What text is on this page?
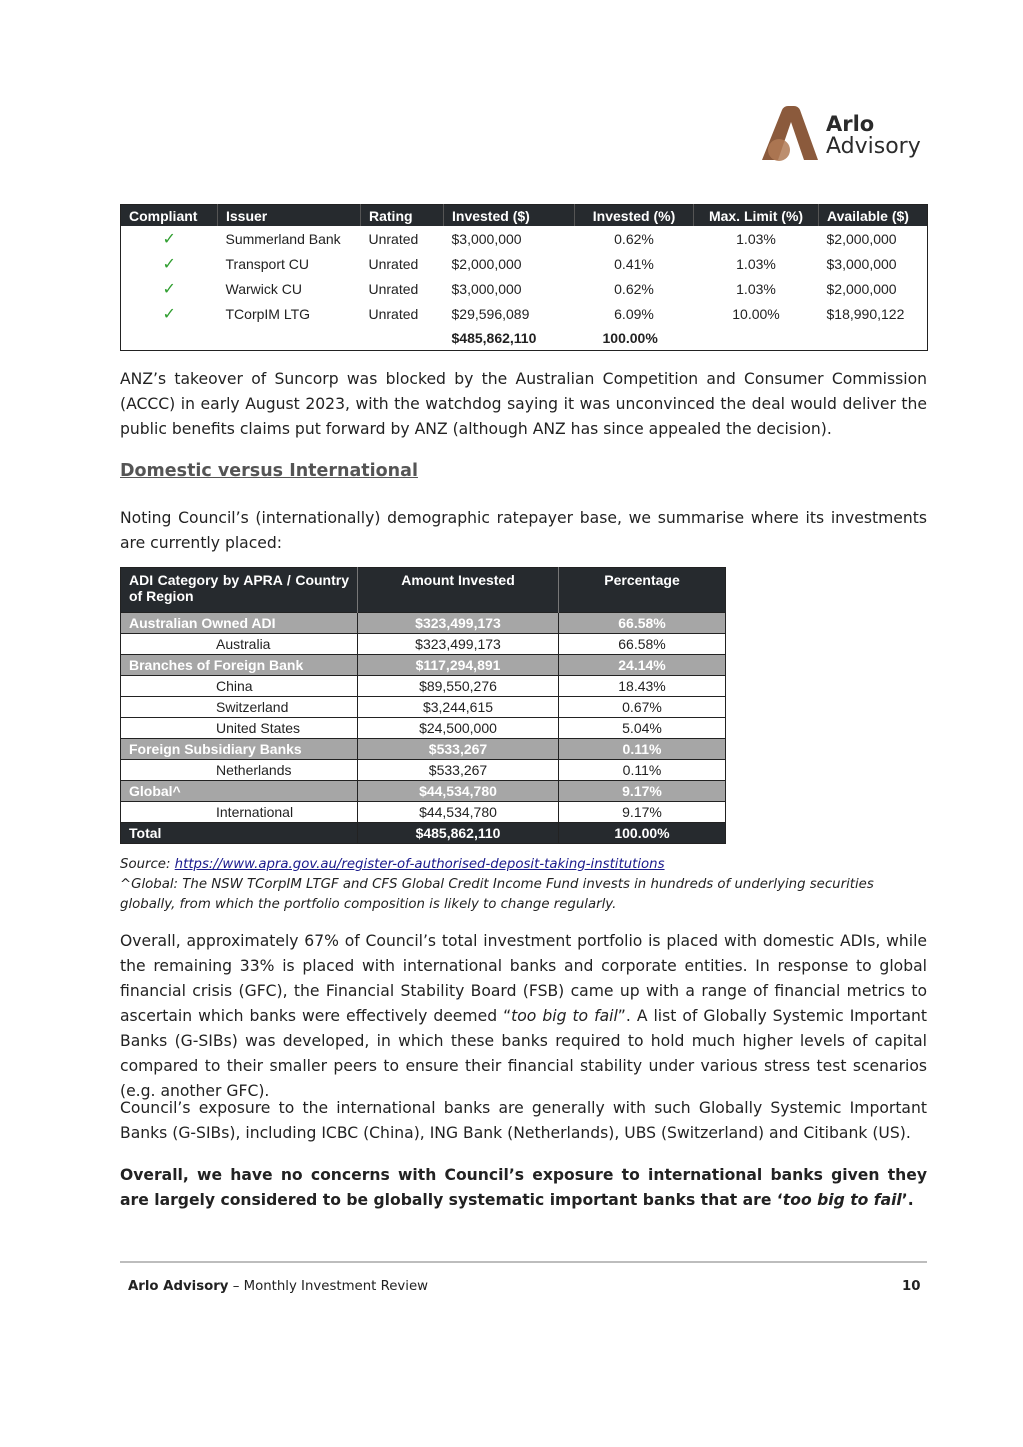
Arlo
Advisory
Compliant	Issuer	Rating	Invested ($)	Invested (%)	Max. Limit (%)	Available ($)
✓	Summerland Bank	Unrated	$3,000,000	0.62%	1.03%	$2,000,000
✓	Transport CU	Unrated	$2,000,000	0.41%	1.03%	$3,000,000
✓	Warwick CU	Unrated	$3,000,000	0.62%	1.03%	$2,000,000
✓	TCorpIM LTG	Unrated	$29,596,089	6.09%	10.00%	$18,990,122
			$485,862,110	100.00%		
ANZ’s takeover of Suncorp was blocked by the Australian Competition and Consumer Commission (ACCC) in early August 2023, with the watchdog saying it was unconvinced the deal would deliver the public benefits claims put forward by ANZ (although ANZ has since appealed the decision).
Domestic versus International
Noting Council’s (internationally) demographic ratepayer base, we summarise where its investments are currently placed:
ADI Category by APRA / Country of Region	Amount Invested	Percentage
Australian Owned ADI	$323,499,173	66.58%
Australia	$323,499,173	66.58%
Branches of Foreign Bank	$117,294,891	24.14%
China	$89,550,276	18.43%
Switzerland	$3,244,615	0.67%
United States	$24,500,000	5.04%
Foreign Subsidiary Banks	$533,267	0.11%
Netherlands	$533,267	0.11%
Global^	$44,534,780	9.17%
International	$44,534,780	9.17%
Total	$485,862,110	100.00%
Source: https://www.apra.gov.au/register-of-authorised-deposit-taking-institutions
^Global: The NSW TCorpIM LTGF and CFS Global Credit Income Fund invests in hundreds of underlying securities globally, from which the portfolio composition is likely to change regularly.
Overall, approximately 67% of Council’s total investment portfolio is placed with domestic ADIs, while the remaining 33% is placed with international banks and corporate entities. In response to global financial crisis (GFC), the Financial Stability Board (FSB) came up with a range of financial metrics to ascertain which banks were effectively deemed “too big to fail”. A list of Globally Systemic Important Banks (G-SIBs) was developed, in which these banks required to hold much higher levels of capital compared to their smaller peers to ensure their financial stability under various stress test scenarios (e.g. another GFC).
Council’s exposure to the international banks are generally with such Globally Systemic Important Banks (G-SIBs), including ICBC (China), ING Bank (Netherlands), UBS (Switzerland) and Citibank (US).
Overall, we have no concerns with Council’s exposure to international banks given they are largely considered to be globally systematic important banks that are ‘too big to fail’.
Arlo Advisory – Monthly Investment Review	10
